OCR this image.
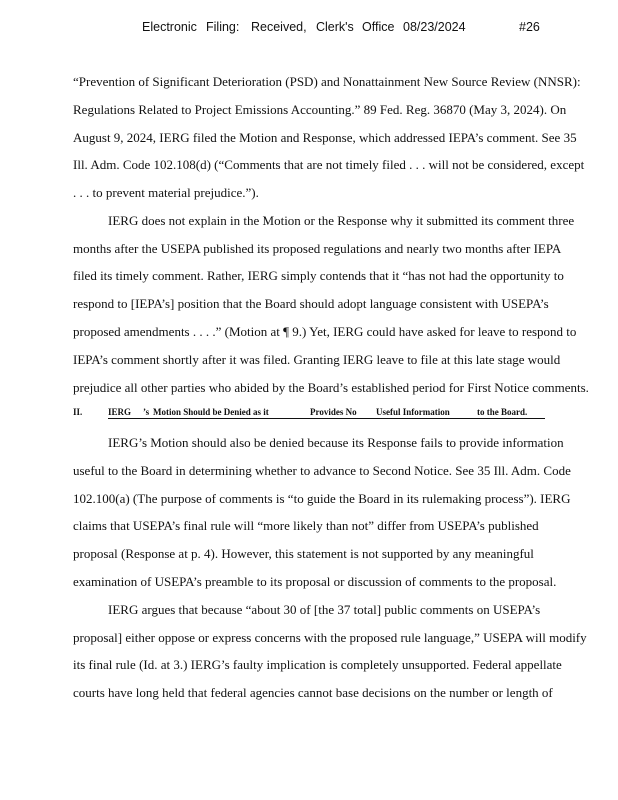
Electronic Filing: Received, Clerk's Office 08/23/2024	#26
“Prevention of Significant Deterioration (PSD) and Nonattainment New Source Review (NNSR):
Regulations Related to Project Emissions Accounting.” 89 Fed. Reg. 36870 (May 3, 2024). On
August 9, 2024, IERG filed the Motion and Response, which addressed IEPA’s comment. See 35
Ill. Adm. Code 102.108(d) (“Comments that are not timely filed . . . will not be considered, except
. . . to prevent material prejudice.”).
IERG does not explain in the Motion or the Response why it submitted its comment three
months after the USEPA published its proposed regulations and nearly two months after IEPA
filed its timely comment. Rather, IERG simply contends that it “has not had the opportunity to
respond to [IEPA’s] position that the Board should adopt language consistent with USEPA’s
proposed amendments . . . .” (Motion at ¶ 9.) Yet, IERG could have asked for leave to respond to
IEPA’s comment shortly after it was filed. Granting IERG leave to file at this late stage would
prejudice all other parties who abided by the Board’s established period for First Notice comments.
II.	IERG ’s Motion Should be Denied as it	Provides No Useful Information	to the Board.
IERG’s Motion should also be denied because its Response fails to provide information
useful to the Board in determining whether to advance to Second Notice. See 35 Ill. Adm. Code
102.100(a) (The purpose of comments is “to guide the Board in its rulemaking process”). IERG
claims that USEPA’s final rule will “more likely than not” differ from USEPA’s published
proposal (Response at p. 4). However, this statement is not supported by any meaningful
examination of USEPA’s preamble to its proposal or discussion of comments to the proposal.
IERG argues that because “about 30 of [the 37 total] public comments on USEPA’s
proposal] either oppose or express concerns with the proposed rule language,” USEPA will modify
its final rule (Id. at 3.) IERG’s faulty implication is completely unsupported. Federal appellate
courts have long held that federal agencies cannot base decisions on the number or length of
